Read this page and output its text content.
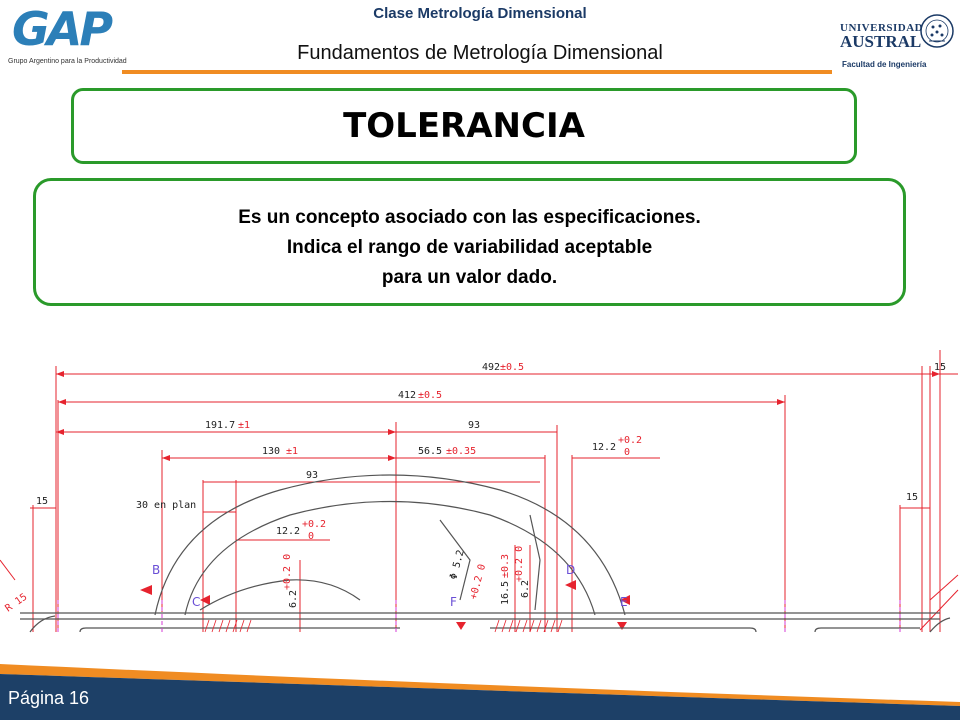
GAP
Grupo Argentino para la Productividad
Clase Metrología Dimensional
Fundamentos de Metrología Dimensional
UNIVERSIDAD
AUSTRAL
Facultad de Ingeniería
TOLERANCIA
Es un concepto asociado con las especificaciones.
Indica el rango de variabilidad aceptable
para un valor dado.
492 ±0.5
412 ±0.5
191.7 ±1	93
130 ±1	56.5 ±0.35
93
12.2
+0.2
0
15	15
15
30 en plan
12.2
+0.2
0
R 15	6.2
+0.2 0	6.2
+0.2 0
Φ 5.2 +0.2 0 16.5
±0.3
B
C
D
E
F
Página 16
